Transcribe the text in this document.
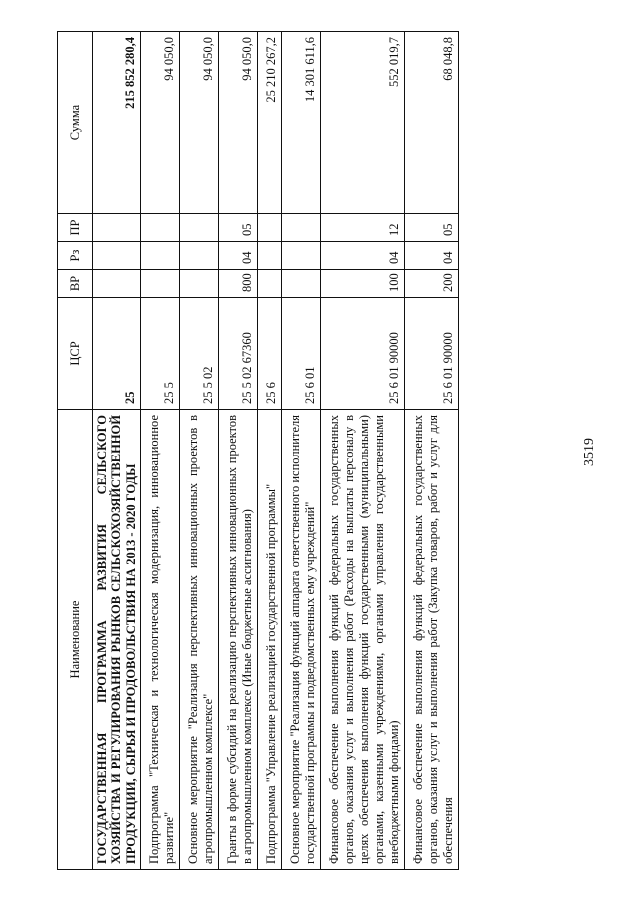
3519
Наименование	ЦСР	ВР	Рз	ПР	Сумма
ГОСУДАРСТВЕННАЯ ПРОГРАММА РАЗВИТИЯ СЕЛЬСКОГО ХОЗЯЙСТВА И РЕГУЛИРОВАНИЯ РЫНКОВ СЕЛЬСКОХОЗЯЙСТВЕННОЙ ПРОДУКЦИИ, СЫРЬЯ И ПРОДОВОЛЬСТВИЯ НА 2013 - 2020 ГОДЫ	25				215 852 280,4
Подпрограмма "Техническая и технологическая модернизация, инновационное развитие"	25 5				94 050,0
Основное мероприятие "Реализация перспективных инновационных проектов в агропромышленном комплексе"	25 5 02				94 050,0
Гранты в форме субсидий на реализацию перспективных инновационных проектов в агропромышленном комплексе (Иные бюджетные ассигнования)	25 5 02 67360	800	04	05	94 050,0
Подпрограмма "Управление реализацией государственной программы"	25 6				25 210 267,2
Основное мероприятие "Реализация функций аппарата ответственного исполнителя государственной программы и подведомственных ему учреждений"	25 6 01				14 301 611,6
Финансовое обеспечение выполнения функций федеральных государственных органов, оказания услуг и выполнения работ (Расходы на выплаты персоналу в целях обеспечения выполнения функций государственными (муниципальными) органами, казенными учреждениями, органами управления государственными внебюджетными фондами)	25 6 01 90000	100	04	12	552 019,7
Финансовое обеспечение выполнения функций федеральных государственных органов, оказания услуг и выполнения работ (Закупка товаров, работ и услуг для обеспечения	25 6 01 90000	200	04	05	68 048,8
